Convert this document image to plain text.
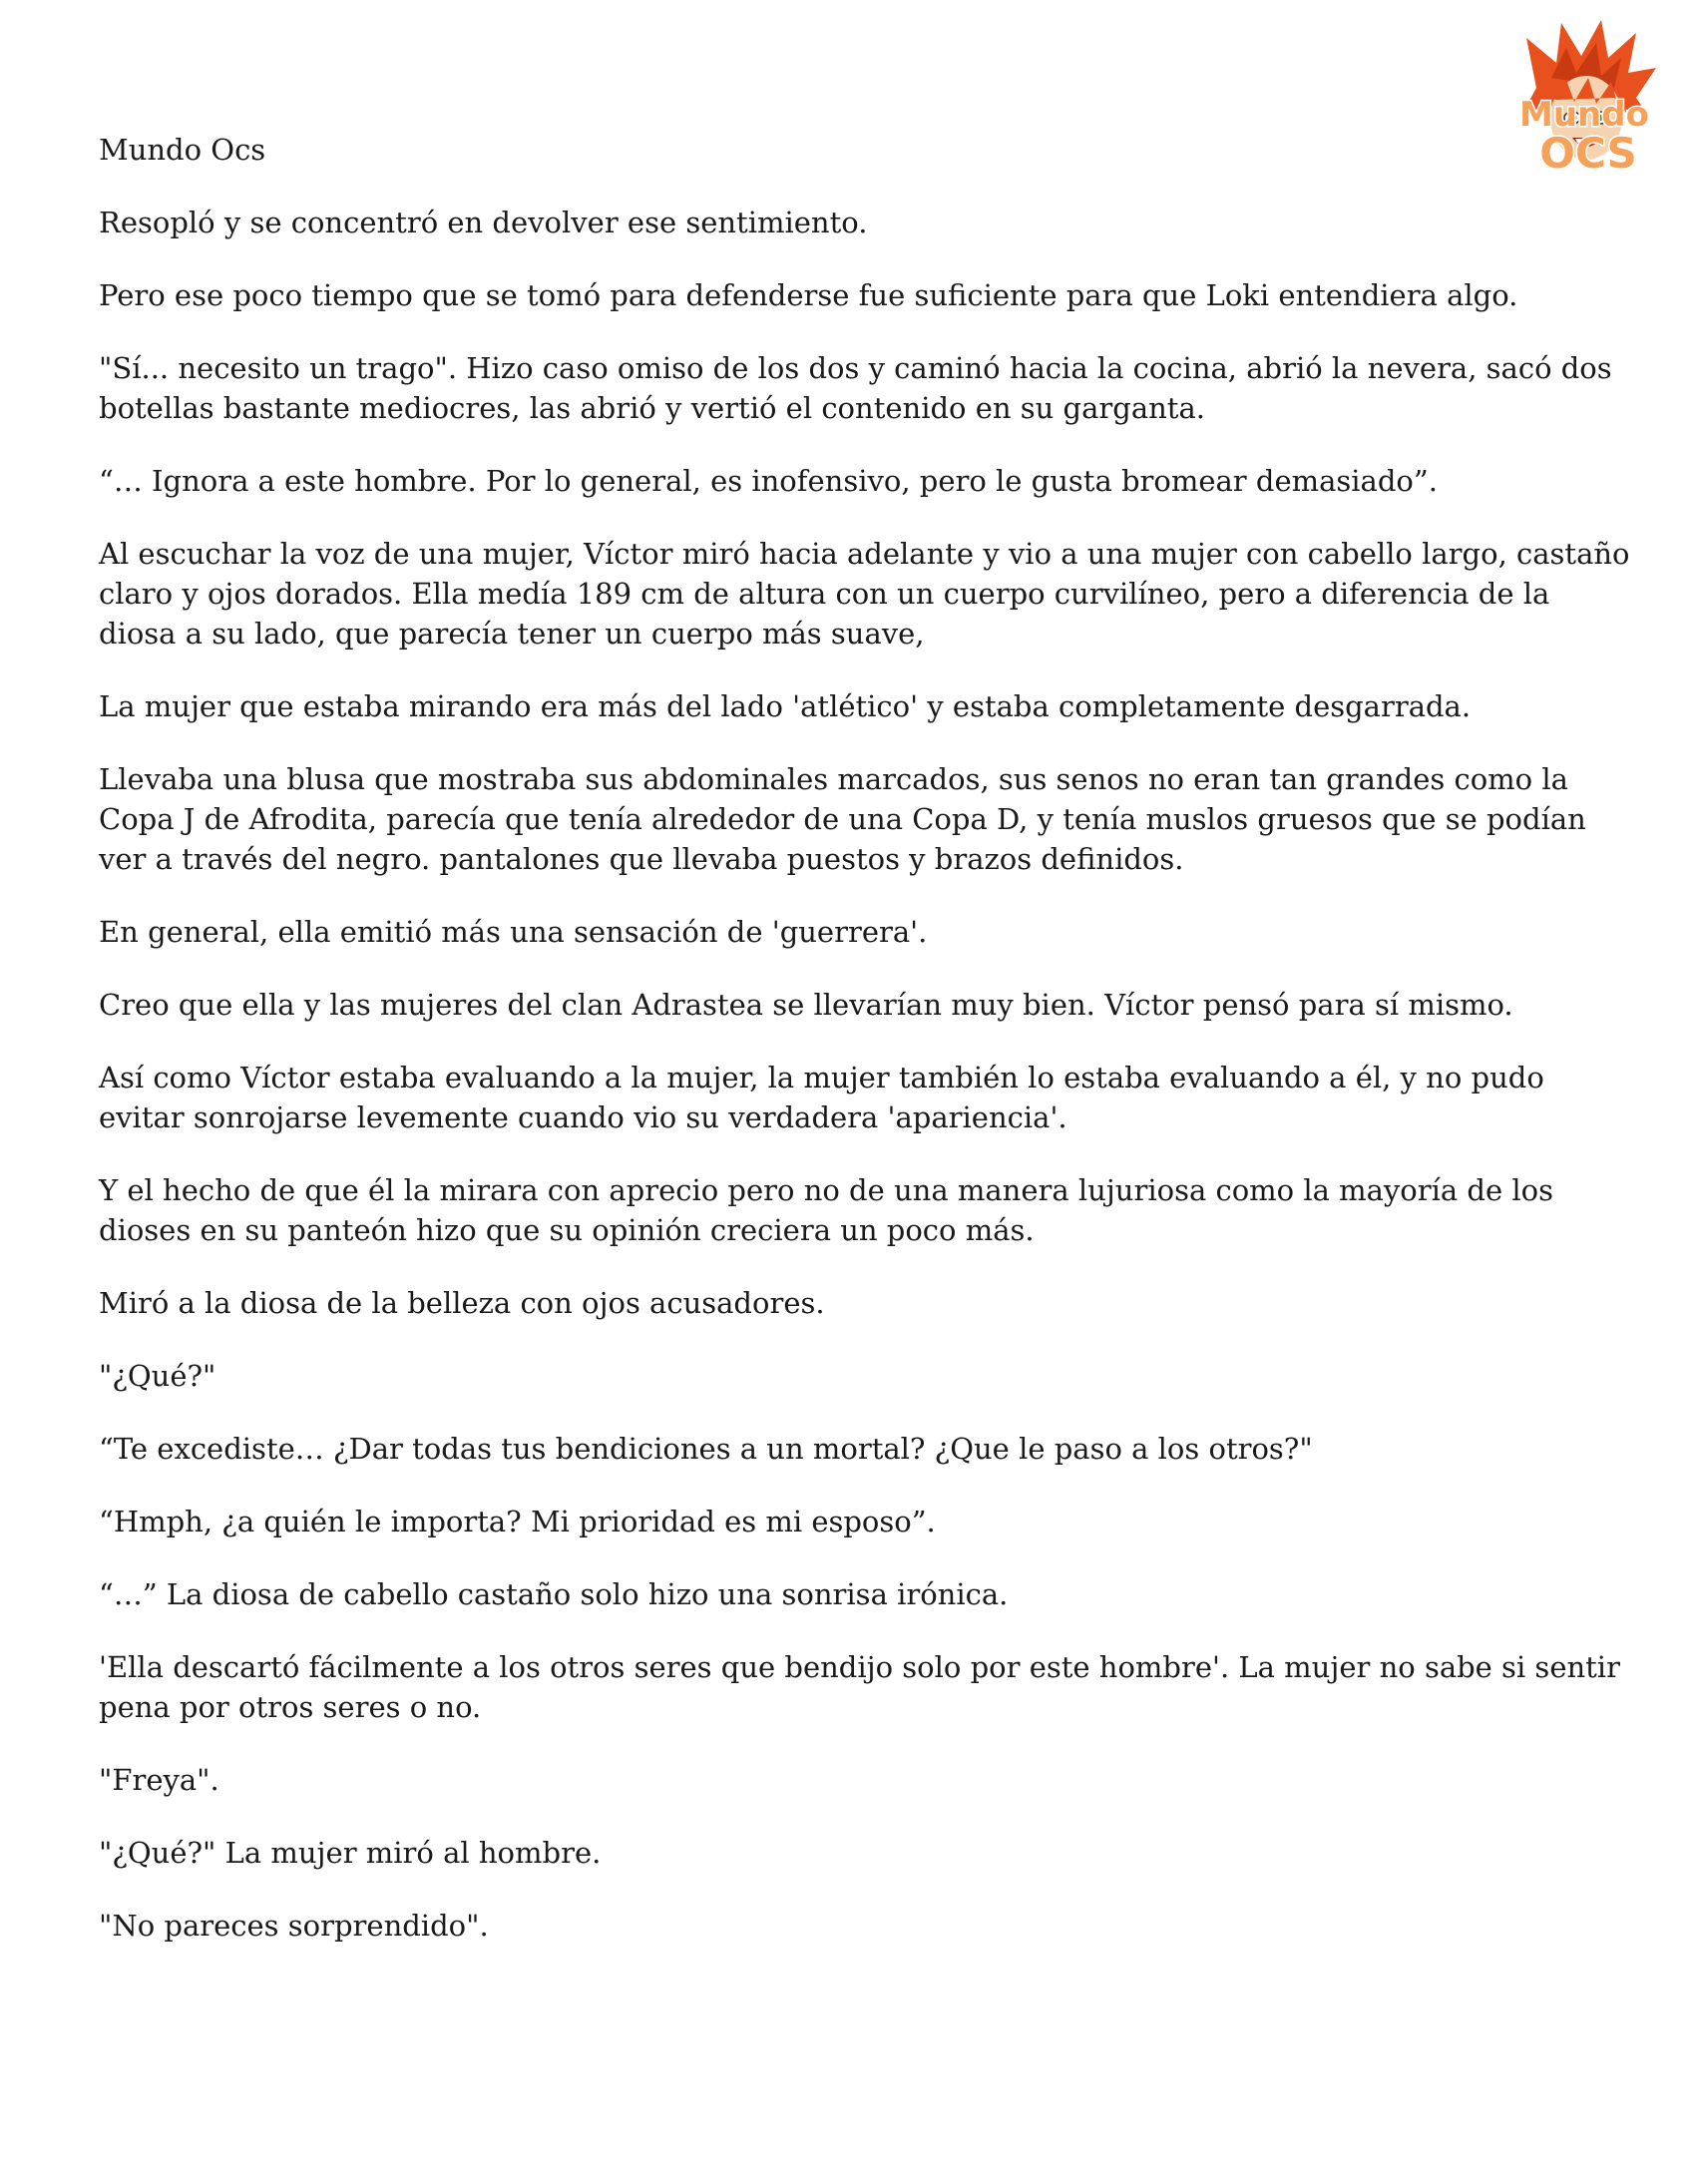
Mundo
OCS

Mundo Ocs

Resopló y se concentró en devolver ese sentimiento.

Pero ese poco tiempo que se tomó para defenderse fue suficiente para que Loki entendiera algo.

"Sí... necesito un trago". Hizo caso omiso de los dos y caminó hacia la cocina, abrió la nevera, sacó dos botellas bastante mediocres, las abrió y vertió el contenido en su garganta.

“… Ignora a este hombre. Por lo general, es inofensivo, pero le gusta bromear demasiado”.

Al escuchar la voz de una mujer, Víctor miró hacia adelante y vio a una mujer con cabello largo, castaño claro y ojos dorados. Ella medía 189 cm de altura con un cuerpo curvilíneo, pero a diferencia de la diosa a su lado, que parecía tener un cuerpo más suave,

La mujer que estaba mirando era más del lado 'atlético' y estaba completamente desgarrada.

Llevaba una blusa que mostraba sus abdominales marcados, sus senos no eran tan grandes como la Copa J de Afrodita, parecía que tenía alrededor de una Copa D, y tenía muslos gruesos que se podían ver a través del negro. pantalones que llevaba puestos y brazos definidos.

En general, ella emitió más una sensación de 'guerrera'.

Creo que ella y las mujeres del clan Adrastea se llevarían muy bien. Víctor pensó para sí mismo.

Así como Víctor estaba evaluando a la mujer, la mujer también lo estaba evaluando a él, y no pudo evitar sonrojarse levemente cuando vio su verdadera 'apariencia'.

Y el hecho de que él la mirara con aprecio pero no de una manera lujuriosa como la mayoría de los dioses en su panteón hizo que su opinión creciera un poco más.

Miró a la diosa de la belleza con ojos acusadores.

"¿Qué?"

“Te excediste… ¿Dar todas tus bendiciones a un mortal? ¿Que le paso a los otros?"

“Hmph, ¿a quién le importa? Mi prioridad es mi esposo”.

“…” La diosa de cabello castaño solo hizo una sonrisa irónica.

'Ella descartó fácilmente a los otros seres que bendijo solo por este hombre'. La mujer no sabe si sentir pena por otros seres o no.

"Freya".

"¿Qué?" La mujer miró al hombre.

"No pareces sorprendido".
